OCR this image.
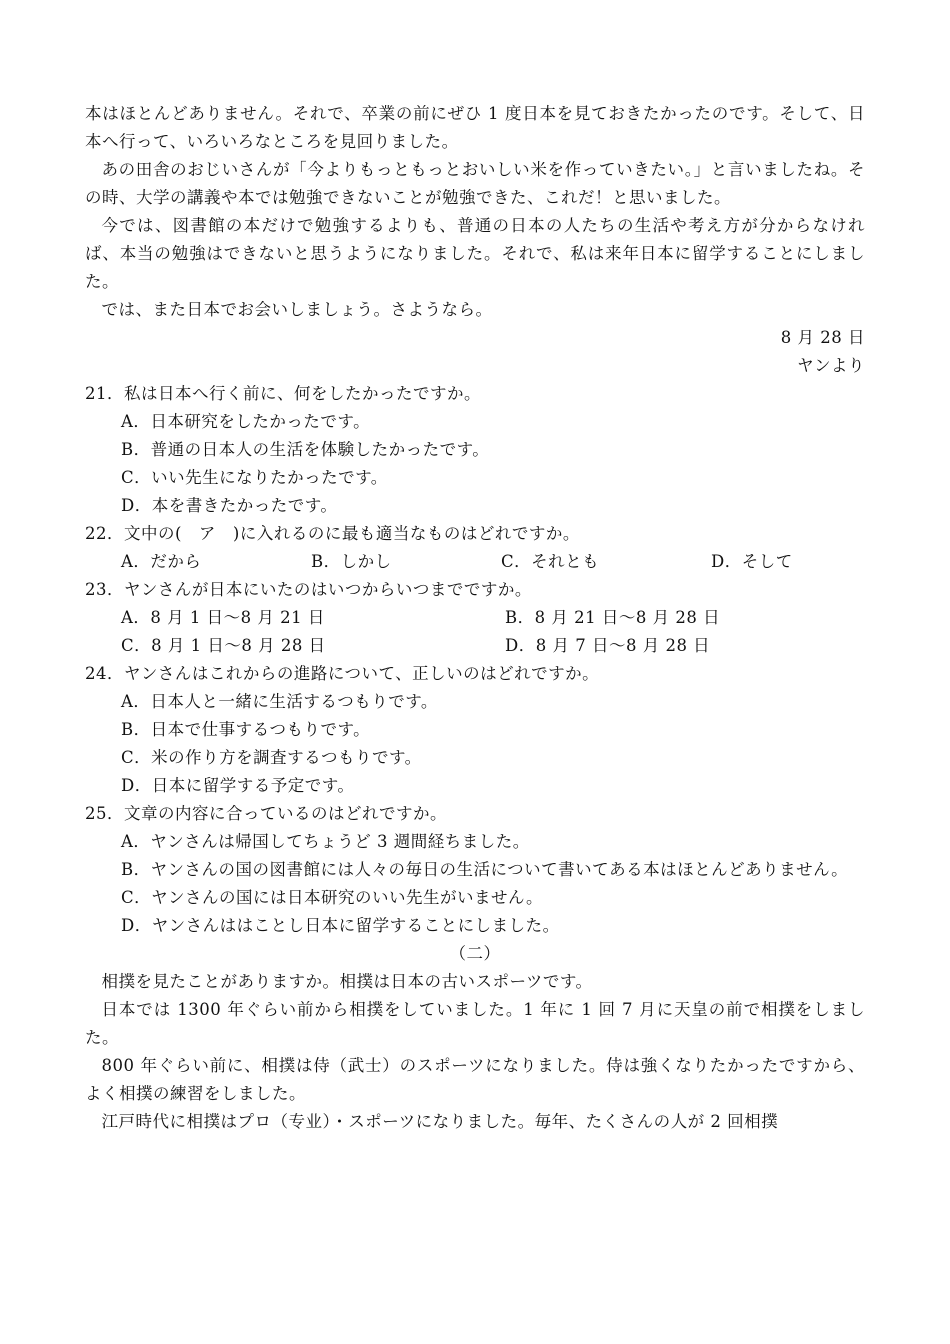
本はほとんどありません。それで、卒業の前にぜひ 1 度日本を見ておきたかったのです。そして、日本へ行って、いろいろなところを見回りました。

あの田舎のおじいさんが「今よりもっともっとおいしい米を作っていきたい。」と言いましたね。その時、大学の講義や本では勉強できないことが勉強できた、これだ！と思いました。

今では、図書館の本だけで勉強するよりも、普通の日本の人たちの生活や考え方が分からなければ、本当の勉強はできないと思うようになりました。それで、私は来年日本に留学することにしました。

では、また日本でお会いしましょう。さようなら。

8 月 28 日

ヤンより

21．私は日本へ行く前に、何をしたかったですか。

A．日本研究をしたかったです。

B．普通の日本人の生活を体験したかったです。

C．いい先生になりたかったです。

D．本を書きたかったです。

22．文中の(　ア　)に入れるのに最も適当なものはどれですか。

A．だから	B．しかし	C．それとも	D．そして

23．ヤンさんが日本にいたのはいつからいつまでですか。

A．8 月 1 日～8 月 21 日	B．8 月 21 日～8 月 28 日
C．8 月 1 日～8 月 28 日	D．8 月 7 日～8 月 28 日

24．ヤンさんはこれからの進路について、正しいのはどれですか。

A．日本人と一緒に生活するつもりです。

B．日本で仕事するつもりです。

C．米の作り方を調査するつもりです。

D．日本に留学する予定です。

25．文章の内容に合っているのはどれですか。

A．ヤンさんは帰国してちょうど 3 週間経ちました。

B．ヤンさんの国の図書館には人々の毎日の生活について書いてある本はほとんどありません。

C．ヤンさんの国には日本研究のいい先生がいません。

D．ヤンさんははことし日本に留学することにしました。

（二）

相撲を見たことがありますか。相撲は日本の古いスポーツです。

日本では 1300 年ぐらい前から相撲をしていました。1 年に 1 回 7 月に天皇の前で相撲をしました。

800 年ぐらい前に、相撲は侍（武士）のスポーツになりました。侍は強くなりたかったですから、よく相撲の練習をしました。

江戸時代に相撲はプロ（专业）・スポーツになりました。毎年、たくさんの人が 2 回相撲
